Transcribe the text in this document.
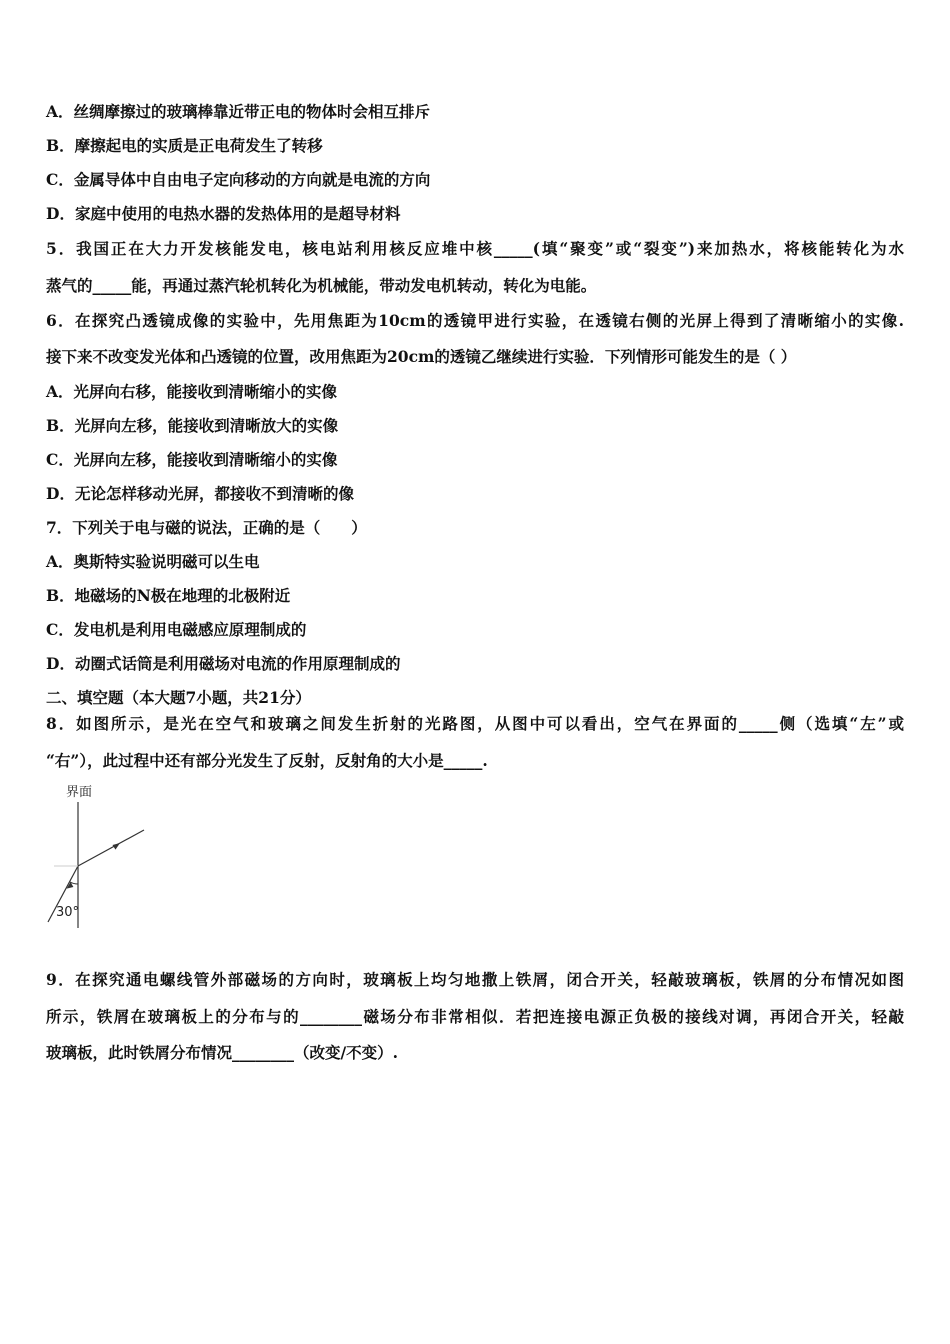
A．丝绸摩擦过的玻璃棒靠近带正电的物体时会相互排斥
B．摩擦起电的实质是正电荷发生了转移
C．金属导体中自由电子定向移动的方向就是电流的方向
D．家庭中使用的电热水器的发热体用的是超导材料
5．我国正在大力开发核能发电，核电站利用核反应堆中核_____(填“聚变”或“裂变”)来加热水，将核能转化为水
蒸气的_____能，再通过蒸汽轮机转化为机械能，带动发电机转动，转化为电能。
6．在探究凸透镜成像的实验中，先用焦距为10cm的透镜甲进行实验，在透镜右侧的光屏上得到了清晰缩小的实像.
接下来不改变发光体和凸透镜的位置，改用焦距为20cm的透镜乙继续进行实验．下列情形可能发生的是（ ）
A．光屏向右移，能接收到清晰缩小的实像
B．光屏向左移，能接收到清晰放大的实像
C．光屏向左移，能接收到清晰缩小的实像
D．无论怎样移动光屏，都接收不到清晰的像
7．下列关于电与磁的说法，正确的是（　　）
A．奥斯特实验说明磁可以生电
B．地磁场的N极在地理的北极附近
C．发电机是利用电磁感应原理制成的
D．动圈式话筒是利用磁场对电流的作用原理制成的
二、填空题（本大题7小题，共21分）
8．如图所示，是光在空气和玻璃之间发生折射的光路图，从图中可以看出，空气在界面的_____侧（选填“左”或
“右”），此过程中还有部分光发生了反射，反射角的大小是_____.
界面
30°
9．在探究通电螺线管外部磁场的方向时，玻璃板上均匀地撒上铁屑，闭合开关，轻敲玻璃板，铁屑的分布情况如图
所示，铁屑在玻璃板上的分布与的________磁场分布非常相似．若把连接电源正负极的接线对调，再闭合开关，轻敲
玻璃板，此时铁屑分布情况________（改变/不变）.
